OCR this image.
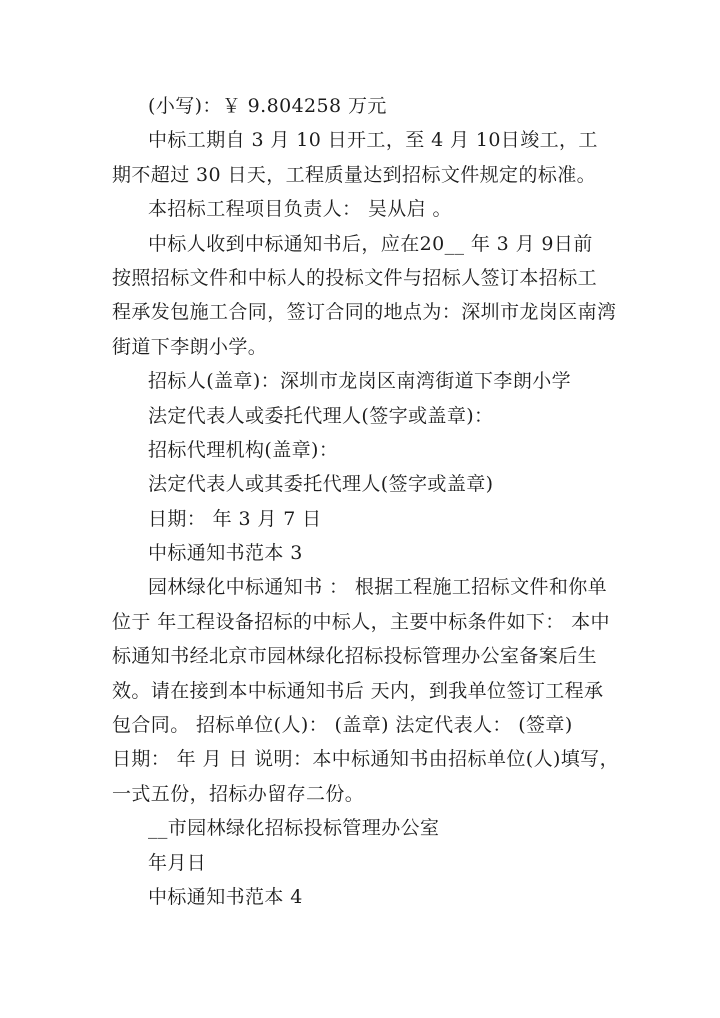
(小写)：￥ 9.804258 万元
中标工期自 3 月 10 日开工，至 4 月 10日竣工，工
期不超过 30 日天，工程质量达到招标文件规定的标准。
本招标工程项目负责人： 吴从启 。
中标人收到中标通知书后，应在20__ 年 3 月 9日前
按照招标文件和中标人的投标文件与招标人签订本招标工
程承发包施工合同，签订合同的地点为：深圳市龙岗区南湾
街道下李朗小学。
招标人(盖章)：深圳市龙岗区南湾街道下李朗小学
法定代表人或委托代理人(签字或盖章)：
招标代理机构(盖章)：
法定代表人或其委托代理人(签字或盖章)
日期： 年 3 月 7 日
中标通知书范本 3
园林绿化中标通知书 ： 根据工程施工招标文件和你单
位于 年工程设备招标的中标人，主要中标条件如下： 本中
标通知书经北京市园林绿化招标投标管理办公室备案后生
效。请在接到本中标通知书后 天内，到我单位签订工程承
包合同。 招标单位(人)： (盖章) 法定代表人： (签章)
日期： 年 月 日 说明：本中标通知书由招标单位(人)填写，
一式五份，招标办留存二份。
__市园林绿化招标投标管理办公室
年月日
中标通知书范本 4
